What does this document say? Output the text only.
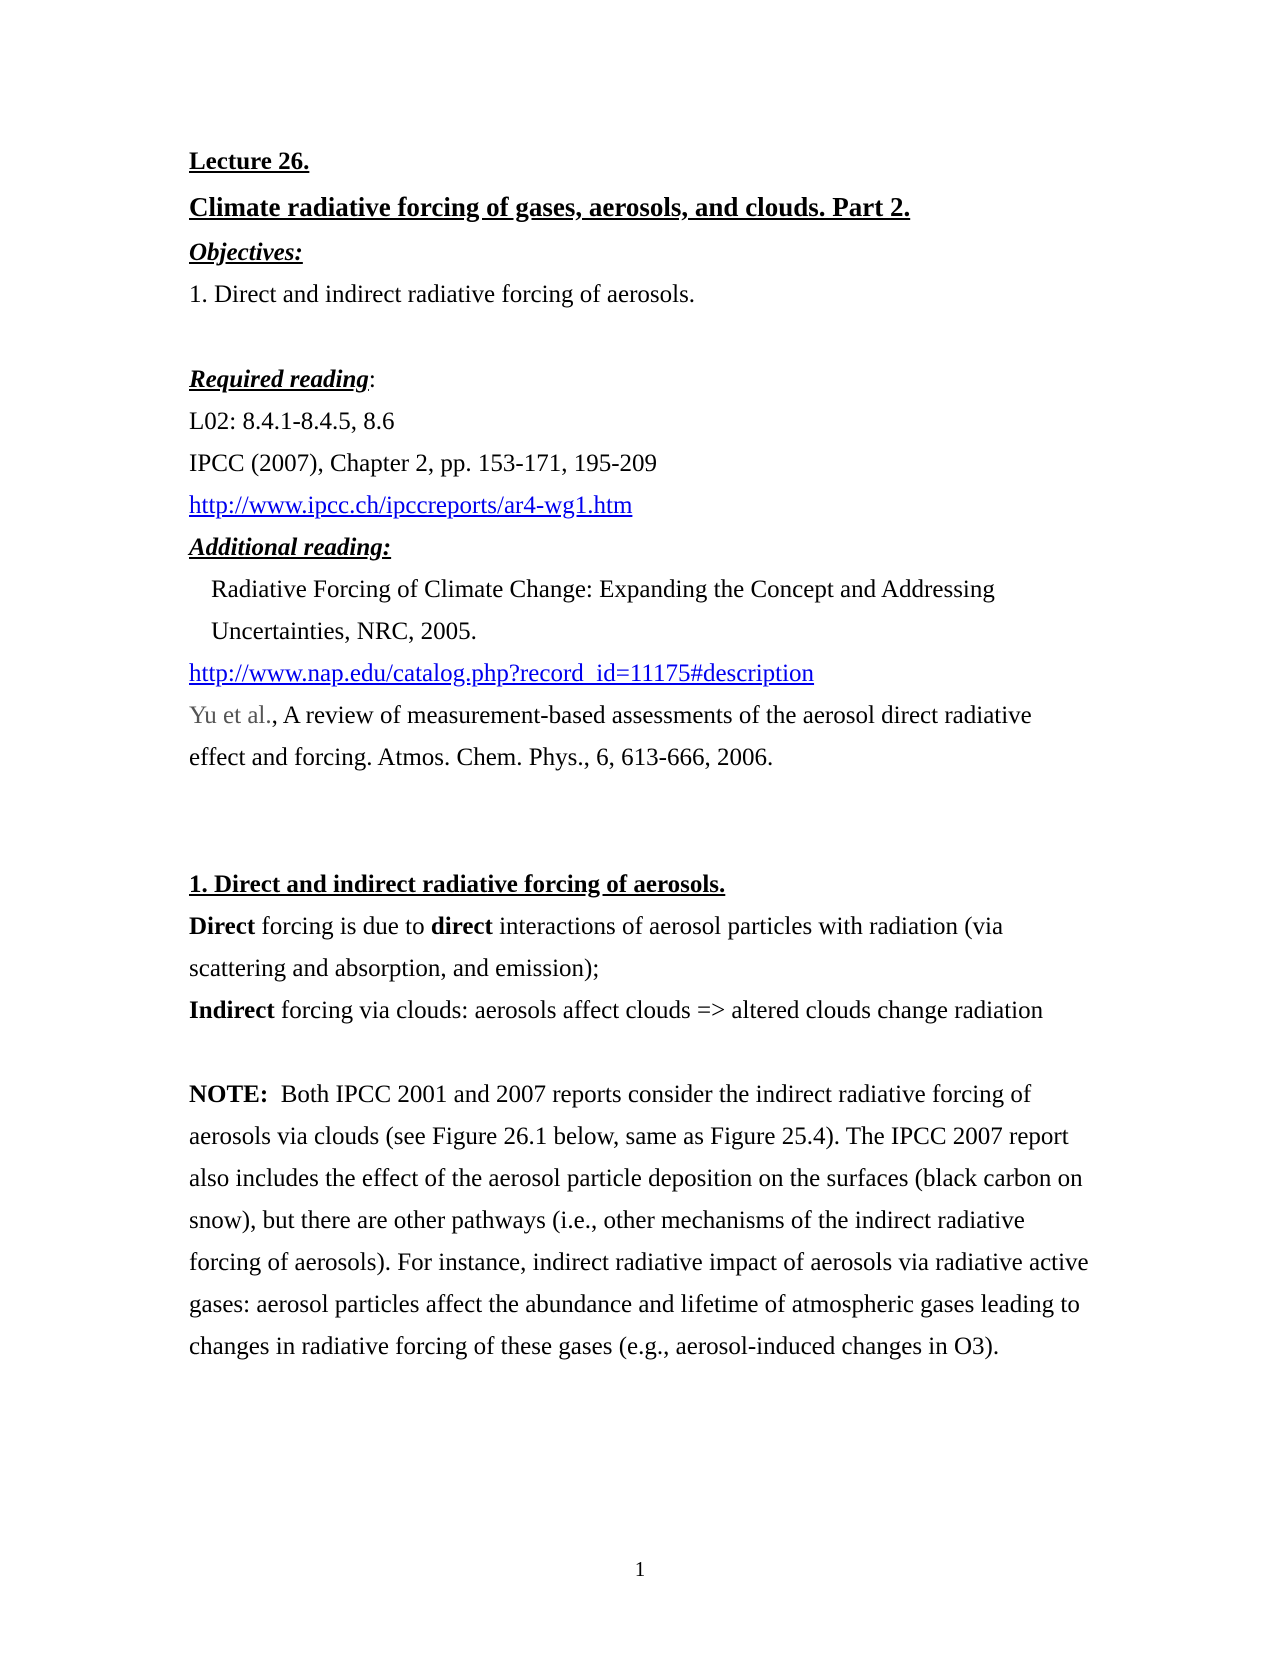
Lecture 26.
Climate radiative forcing of gases, aerosols, and clouds. Part 2.
Objectives:
1. Direct and indirect radiative forcing of aerosols.
Required reading:
L02: 8.4.1-8.4.5, 8.6
IPCC (2007), Chapter 2, pp. 153-171, 195-209
http://www.ipcc.ch/ipccreports/ar4-wg1.htm
Additional reading:
Radiative Forcing of Climate Change: Expanding the Concept and Addressing
Uncertainties, NRC, 2005.
http://www.nap.edu/catalog.php?record_id=11175#description
Yu et al., A review of measurement-based assessments of the aerosol direct radiative
effect and forcing. Atmos. Chem. Phys., 6, 613-666, 2006.
1. Direct and indirect radiative forcing of aerosols.
Direct forcing is due to direct interactions of aerosol particles with radiation (via
scattering and absorption, and emission);
Indirect forcing via clouds: aerosols affect clouds => altered clouds change radiation
NOTE:  Both IPCC 2001 and 2007 reports consider the indirect radiative forcing of
aerosols via clouds (see Figure 26.1 below, same as Figure 25.4). The IPCC 2007 report
also includes the effect of the aerosol particle deposition on the surfaces (black carbon on
snow), but there are other pathways (i.e., other mechanisms of the indirect radiative
forcing of aerosols). For instance, indirect radiative impact of aerosols via radiative active
gases: aerosol particles affect the abundance and lifetime of atmospheric gases leading to
changes in radiative forcing of these gases (e.g., aerosol-induced changes in O3).
1
